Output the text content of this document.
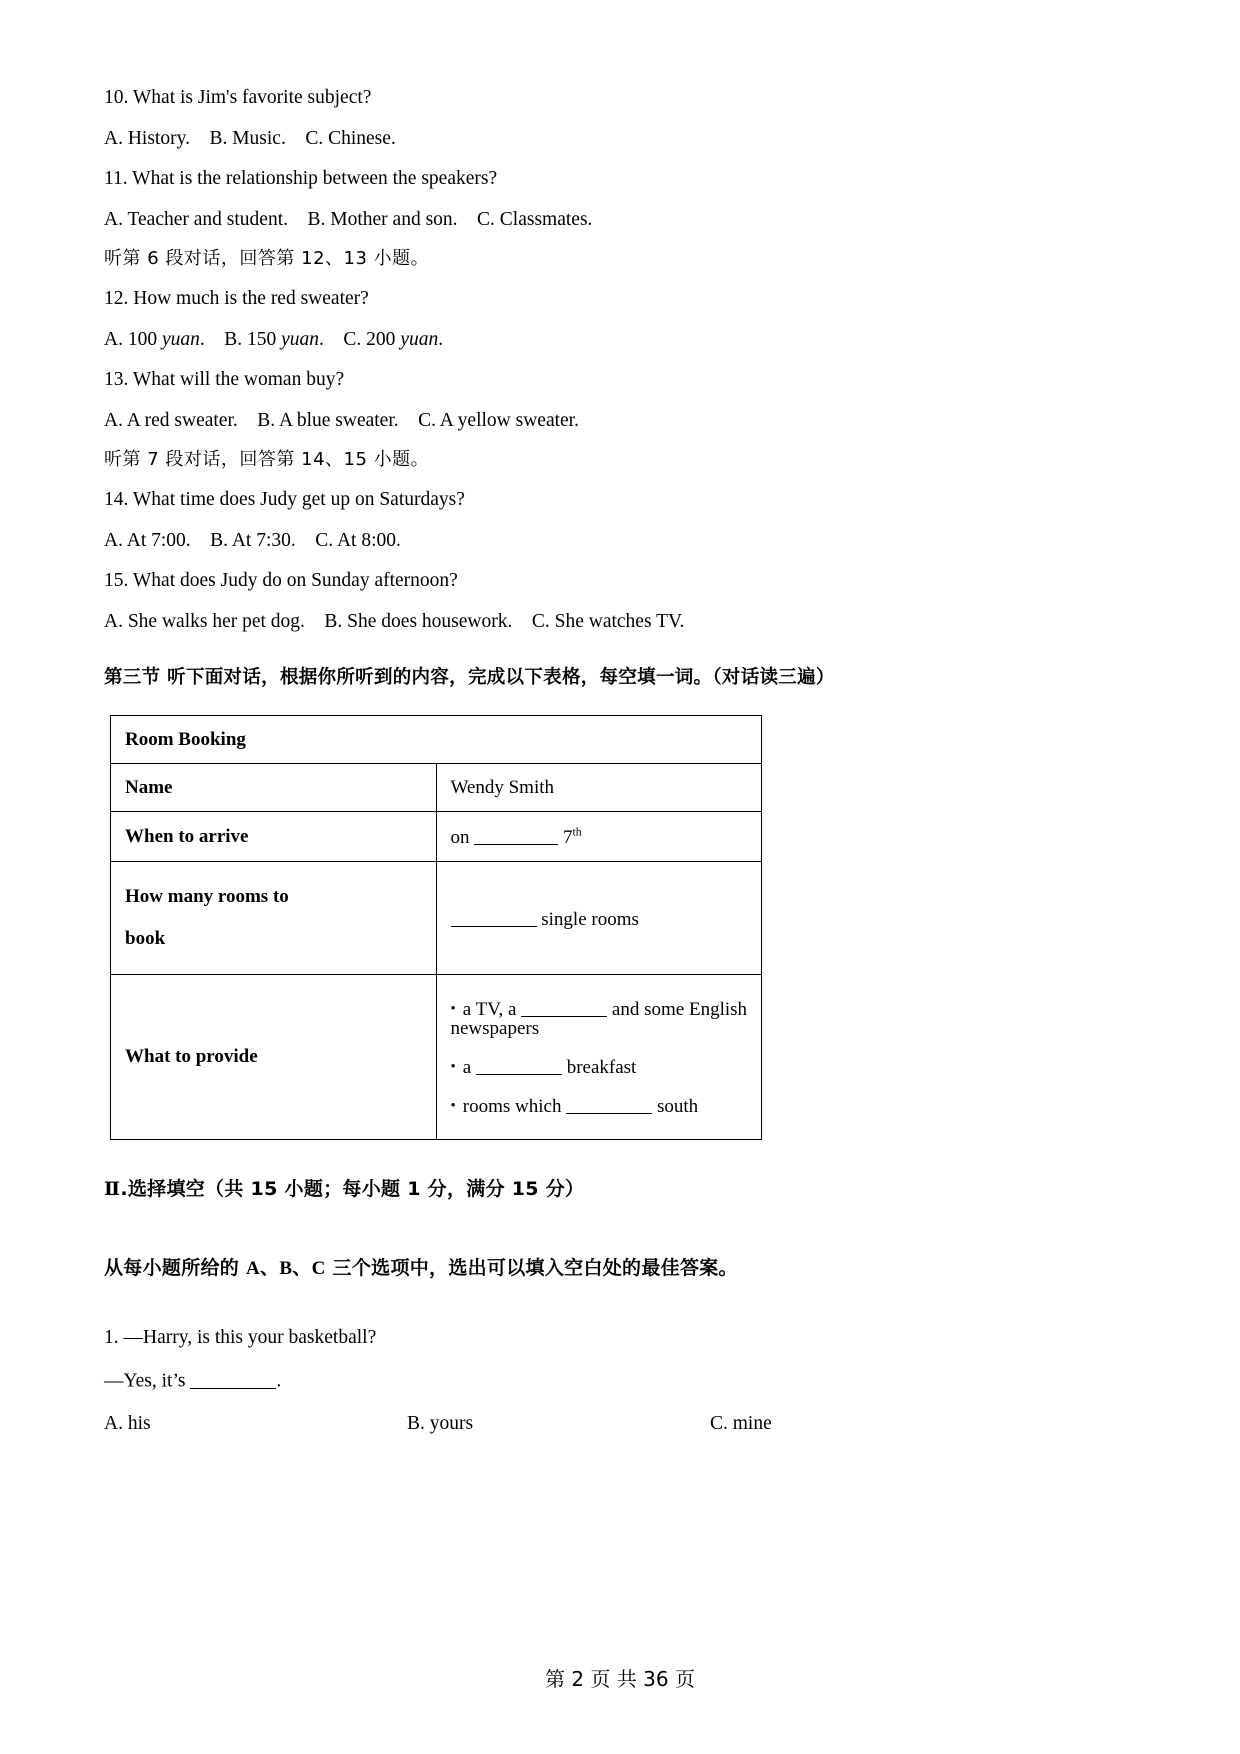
10. What is Jim's favorite subject?

A. History.    B. Music.    C. Chinese.

11. What is the relationship between the speakers?

A. Teacher and student.    B. Mother and son.    C. Classmates.

听第 6 段对话，回答第 12、13 小题。

12. How much is the red sweater?

A. 100 yuan.    B. 150 yuan.    C. 200 yuan.

13. What will the woman buy?

A. A red sweater.    B. A blue sweater.    C. A yellow sweater.

听第 7 段对话，回答第 14、15 小题。

14. What time does Judy get up on Saturdays?

A. At 7:00.    B. At 7:30.    C. At 8:00.

15. What does Judy do on Sunday afternoon?

A. She walks her pet dog.    B. She does housework.    C. She watches TV.

第三节 听下面对话，根据你所听到的内容，完成以下表格，每空填一词。（对话读三遍）

Room Booking	
Name	Wendy Smith
When to arrive	on 7th
How many rooms to
book	single rooms
What to provide	
• a TV, a	and some English newspapers
• a	breakfast
• rooms which	south

Ⅱ.选择填空（共 15 小题；每小题 1 分，满分 15 分）

从每小题所给的 A、B、C 三个选项中，选出可以填入空白处的最佳答案。

1. —Harry, is this your basketball?

—Yes, it’s	.

A. his	B. yours	C. mine
第 2 页 共 36 页
